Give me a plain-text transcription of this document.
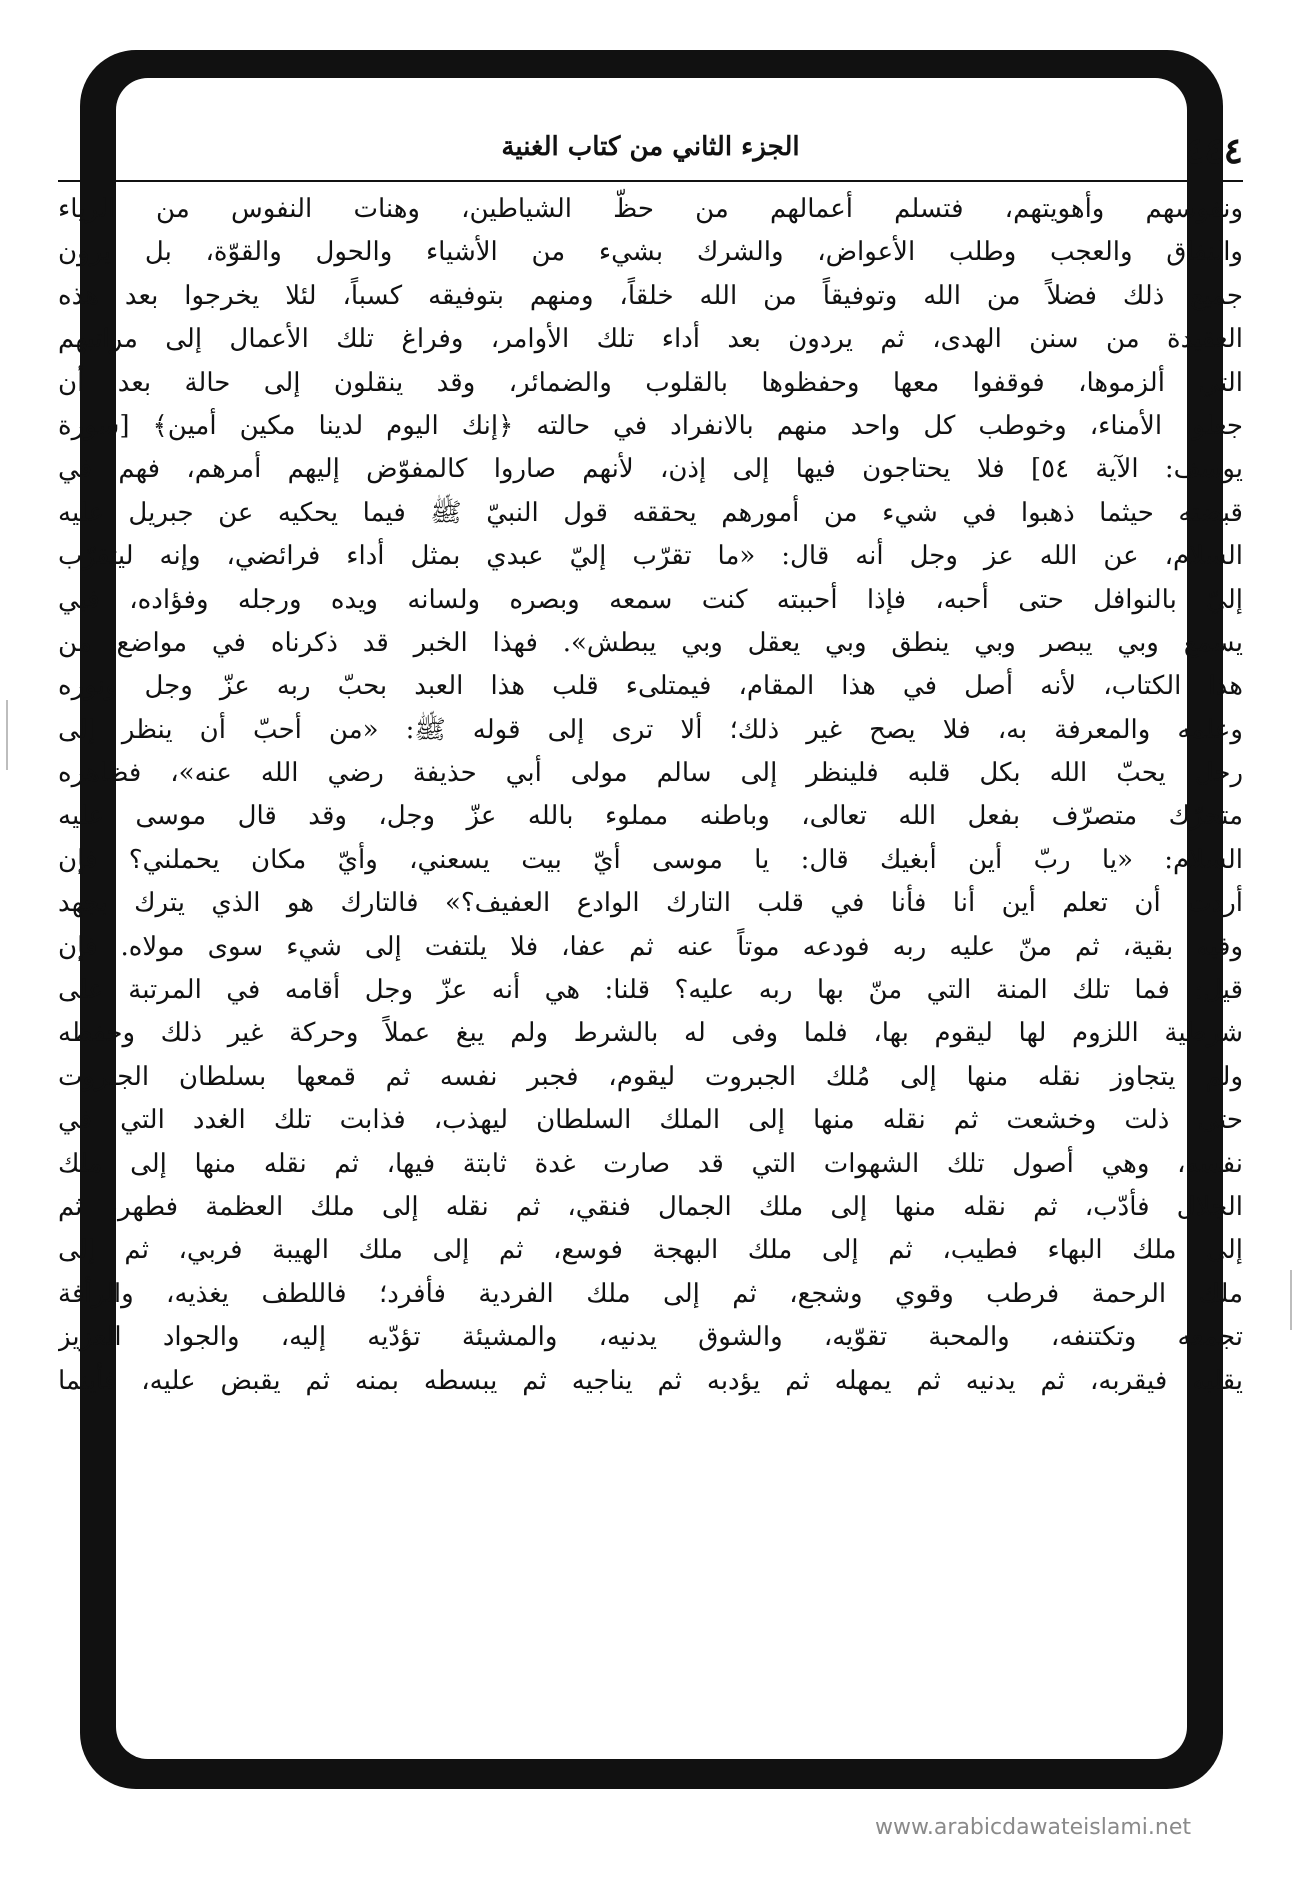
٤٤٤
الجزء الثاني من كتاب الغنية
ونفوسهم وأهويتهم، فتسلم أعمالهم من حظّ الشياطين، وهنات النفوس من الرياء
والنفاق والعجب وطلب الأعواض، والشرك بشيء من الأشياء والحول والقوّة، بل يرون
جميع ذلك فضلاً من الله وتوفيقاً من الله خلقاً، ومنهم بتوفيقه كسباً، لئلا يخرجوا بعد هذه
العقيدة من سنن الهدى، ثم يردون بعد أداء تلك الأوامر، وفراغ تلك الأعمال إلى مراتبهم
التي ألزموها، فوقفوا معها وحفظوها بالقلوب والضمائر، وقد ينقلون إلى حالة بعد أن
جعلوا الأمناء، وخوطب كل واحد منهم بالانفراد في حالته ﴿إنك اليوم لدينا مكين أمين﴾ [سورة
يوسف: الآية ٥٤] فلا يحتاجون فيها إلى إذن، لأنهم صاروا كالمفوّض إليهم أمرهم، فهم في
قبضته حيثما ذهبوا في شيء من أمورهم يحققه قول النبيّ ﷺ فيما يحكيه عن جبريل عليه
السلام، عن الله عز وجل أنه قال: «ما تقرّب إليّ عبدي بمثل أداء فرائضي، وإنه ليتقرّب
إليّ بالنوافل حتى أحبه، فإذا أحببته كنت سمعه وبصره ولسانه ويده ورجله وفؤاده، فبي
يسمع وبي يبصر وبي ينطق وبي يعقل وبي يبطش». فهذا الخبر قد ذكرناه في مواضع من
هذا الكتاب، لأنه أصل في هذا المقام، فيمتلىء قلب هذا العبد بحبّ ربه عزّ وجل ونوره
وعلمه والمعرفة به، فلا يصح غير ذلك؛ ألا ترى إلى قوله ﷺ: «من أحبّ أن ينظر إلى
رجل يحبّ الله بكل قلبه فلينظر إلى سالم مولى أبي حذيفة رضي الله عنه»، فظاهره
متحرّك متصرّف بفعل الله تعالى، وباطنه مملوء بالله عزّ وجل، وقد قال موسى عليه
السلام: «يا ربّ أين أبغيك قال: يا موسى أيّ بيت يسعني، وأيّ مكان يحملني؟ فإن
أردت أن تعلم أين أنا فأنا في قلب التارك الوادع العفيف؟» فالتارك هو الذي يترك بجهد
وفيه بقية، ثم منّ عليه ربه فودعه موتاً عنه ثم عفا، فلا يلتفت إلى شيء سوى مولاه. فإن
قيل: فما تلك المنة التي منّ بها ربه عليه؟ قلنا: هي أنه عزّ وجل أقامه في المرتبة على
شرطية اللزوم لها ليقوم بها، فلما وفى له بالشرط ولم يبغ عملاً وحركة غير ذلك وحفظه
ولم يتجاوز نقله منها إلى مُلك الجبروت ليقوم، فجبر نفسه ثم قمعها بسلطان الجبروت
حتى ذلت وخشعت ثم نقله منها إلى الملك السلطان ليهذب، فذابت تلك الغدد التي في
نفسه، وهي أصول تلك الشهوات التي قد صارت غدة ثابتة فيها، ثم نقله منها إلى ملك
الجلال فأدّب، ثم نقله منها إلى ملك الجمال فنقي، ثم نقله إلى ملك العظمة فطهر، ثم
إلى ملك البهاء فطيب، ثم إلى ملك البهجة فوسع، ثم إلى ملك الهيبة فربي، ثم إلى
ملك الرحمة فرطب وقوي وشجع، ثم إلى ملك الفردية فأفرد؛ فاللطف يغذيه، والرأفة
تجمعه وتكتنفه، والمحبة تقوّيه، والشوق يدنيه، والمشيئة تؤدّيه إليه، والجواد العزيز
يقلبه فيقربه، ثم يدنيه ثم يمهله ثم يؤدبه ثم يناجيه ثم يبسطه بمنه ثم يقبض عليه، فأينما
www.arabicdawateislami.net
